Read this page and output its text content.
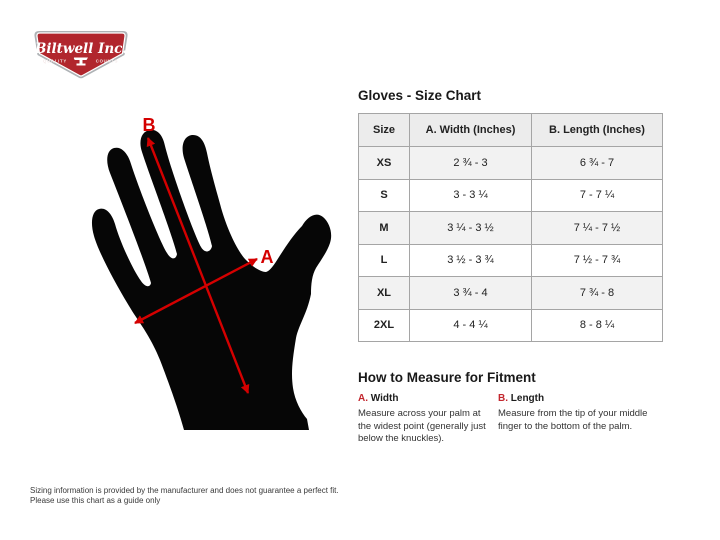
Biltwell Inc.
QUALITY	COUNTS
B
A
Gloves - Size Chart
Size	A. Width (Inches)	B. Length (Inches)
XS	2 ¾ - 3	6 ¾ - 7
S	3 - 3 ¼	7 - 7 ¼
M	3 ¼ - 3 ½	7 ¼ - 7 ½
L	3 ½ - 3 ¾	7 ½ - 7 ¾
XL	3 ¾ - 4	7 ¾ - 8
2XL	4 - 4 ¼	8 - 8 ¼
How to Measure for Fitment
A. Width
Measure across your palm at the widest point (generally just below the knuckles).
B. Length
Measure from the tip of your middle finger to the bottom of the palm.
Sizing information is provided by the manufacturer and does not guarantee a perfect fit.
Please use this chart as a guide only
